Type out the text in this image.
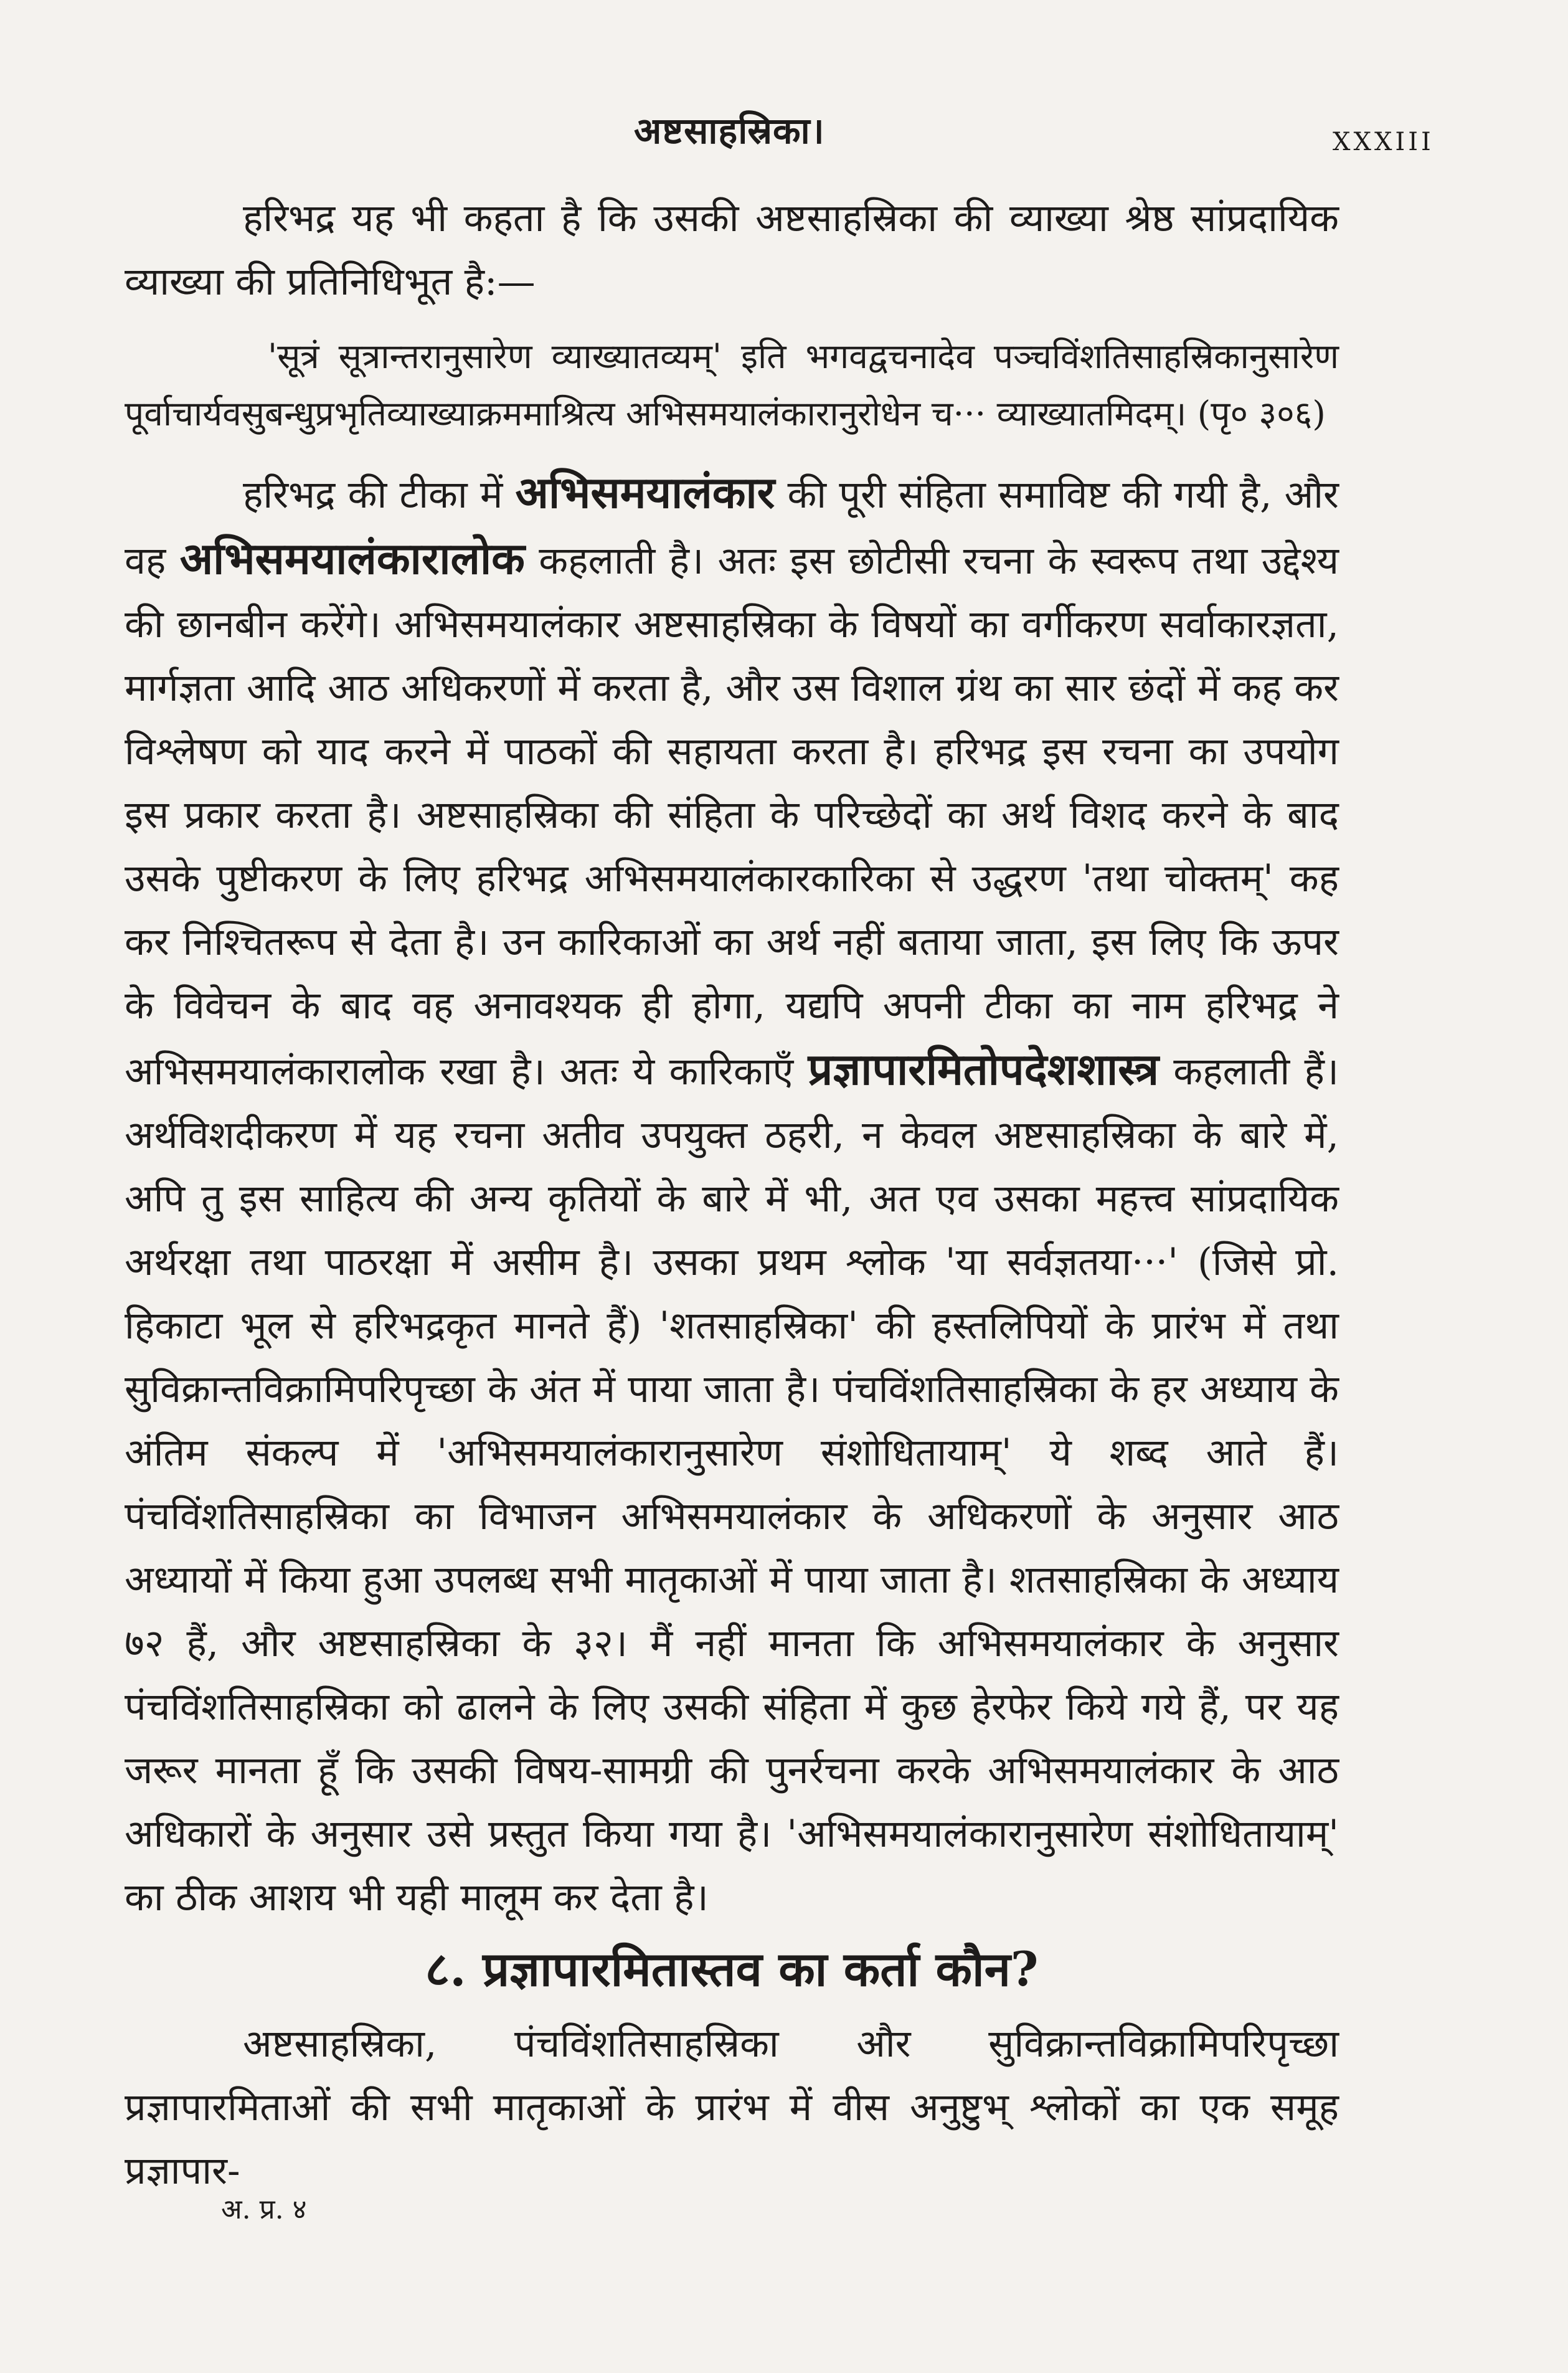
अष्टसाहस्रिका।	XXXIII

हरिभद्र यह भी कहता है कि उसकी अष्टसाहस्रिका की व्याख्या श्रेष्ठ सांप्रदायिक व्याख्या की प्रतिनिधिभूत है:—

'सूत्रं सूत्रान्तरानुसारेण व्याख्यातव्यम्' इति भगवद्वचनादेव पञ्चविंशतिसाहस्रिकानुसारेण पूर्वाचार्यवसुबन्धुप्रभृतिव्याख्याक्रममाश्रित्य अभिसमयालंकारानुरोधेन च··· व्याख्यातमिदम्। (पृ० ३०६)

हरिभद्र की टीका में अभिसमयालंकार की पूरी संहिता समाविष्ट की गयी है, और वह अभिसमयालंकारालोक कहलाती है। अतः इस छोटीसी रचना के स्वरूप तथा उद्देश्य की छानबीन करेंगे। अभिसमयालंकार अष्टसाहस्रिका के विषयों का वर्गीकरण सर्वाकारज्ञता, मार्गज्ञता आदि आठ अधिकरणों में करता है, और उस विशाल ग्रंथ का सार छंदों में कह कर विश्लेषण को याद करने में पाठकों की सहायता करता है। हरिभद्र इस रचना का उपयोग इस प्रकार करता है। अष्टसाहस्रिका की संहिता के परिच्छेदों का अर्थ विशद करने के बाद उसके पुष्टीकरण के लिए हरिभद्र अभिसमयालंकारकारिका से उद्धरण 'तथा चोक्तम्' कह कर निश्चितरूप से देता है। उन कारिकाओं का अर्थ नहीं बताया जाता, इस लिए कि ऊपर के विवेचन के बाद वह अनावश्यक ही होगा, यद्यपि अपनी टीका का नाम हरिभद्र ने अभिसमयालंकारालोक रखा है। अतः ये कारिकाएँ प्रज्ञापारमितोपदेशशास्त्र कहलाती हैं। अर्थविशदीकरण में यह रचना अतीव उपयुक्त ठहरी, न केवल अष्टसाहस्रिका के बारे में, अपि तु इस साहित्य की अन्य कृतियों के बारे में भी, अत एव उसका महत्त्व सांप्रदायिक अर्थरक्षा तथा पाठरक्षा में असीम है। उसका प्रथम श्लोक 'या सर्वज्ञतया···' (जिसे प्रो. हिकाटा भूल से हरिभद्रकृत मानते हैं) 'शतसाहस्रिका' की हस्तलिपियों के प्रारंभ में तथा सुविक्रान्तविक्रामिपरिपृच्छा के अंत में पाया जाता है। पंचविंशतिसाहस्रिका के हर अध्याय के अंतिम संकल्प में 'अभिसमयालंकारानुसारेण संशोधितायाम्' ये शब्द आते हैं। पंचविंशतिसाहस्रिका का विभाजन अभिसमयालंकार के अधिकरणों के अनुसार आठ अध्यायों में किया हुआ उपलब्ध सभी मातृकाओं में पाया जाता है। शतसाहस्रिका के अध्याय ७२ हैं, और अष्टसाहस्रिका के ३२। मैं नहीं मानता कि अभिसमयालंकार के अनुसार पंचविंशतिसाहस्रिका को ढालने के लिए उसकी संहिता में कुछ हेरफेर किये गये हैं, पर यह जरूर मानता हूँ कि उसकी विषय-सामग्री की पुनर्रचना करके अभिसमयालंकार के आठ अधिकारों के अनुसार उसे प्रस्तुत किया गया है। 'अभिसमयालंकारानुसारेण संशोधितायाम्' का ठीक आशय भी यही मालूम कर देता है।

८. प्रज्ञापारमितास्तव का कर्ता कौन?

अष्टसाहस्रिका, पंचविंशतिसाहस्रिका और सुविक्रान्तविक्रामिपरिपृच्छा प्रज्ञापारमिताओं की सभी मातृकाओं के प्रारंभ में वीस अनुष्टुभ् श्लोकों का एक समूह प्रज्ञापार-

अ. प्र. ४
